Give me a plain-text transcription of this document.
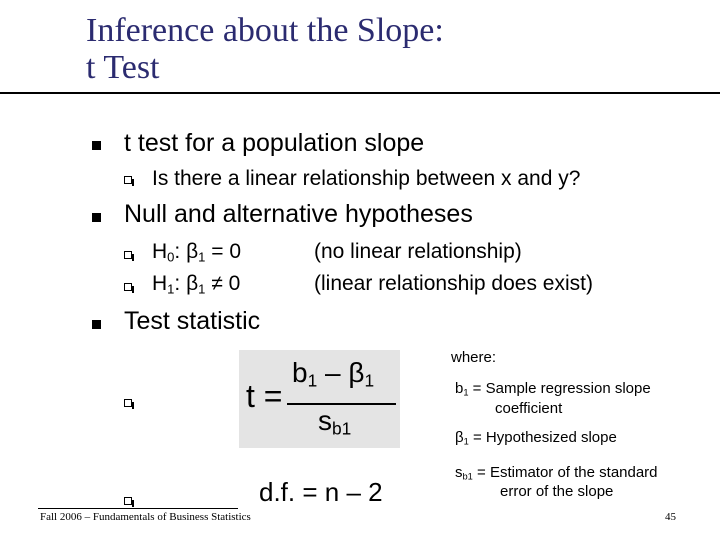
Inference about the Slope:
t Test
t test for a population slope
Is there a linear relationship between x and y?
Null and alternative hypotheses
$H_0$: $\beta_1 = 0$	(no linear relationship)
$H_1$: $\beta_1 \ne 0$	(linear relationship does exist)
Test statistic
t =
$b_1 - \beta_1$
$s_{b1}$
d.f. = n – 2
where:
$b_1$ = Sample regression slope
coefficient
$\beta_1$ = Hypothesized slope
$s_{b1}$ = Estimator of the standard
error of the slope
Fall 2006 – Fundamentals of Business Statistics	45
